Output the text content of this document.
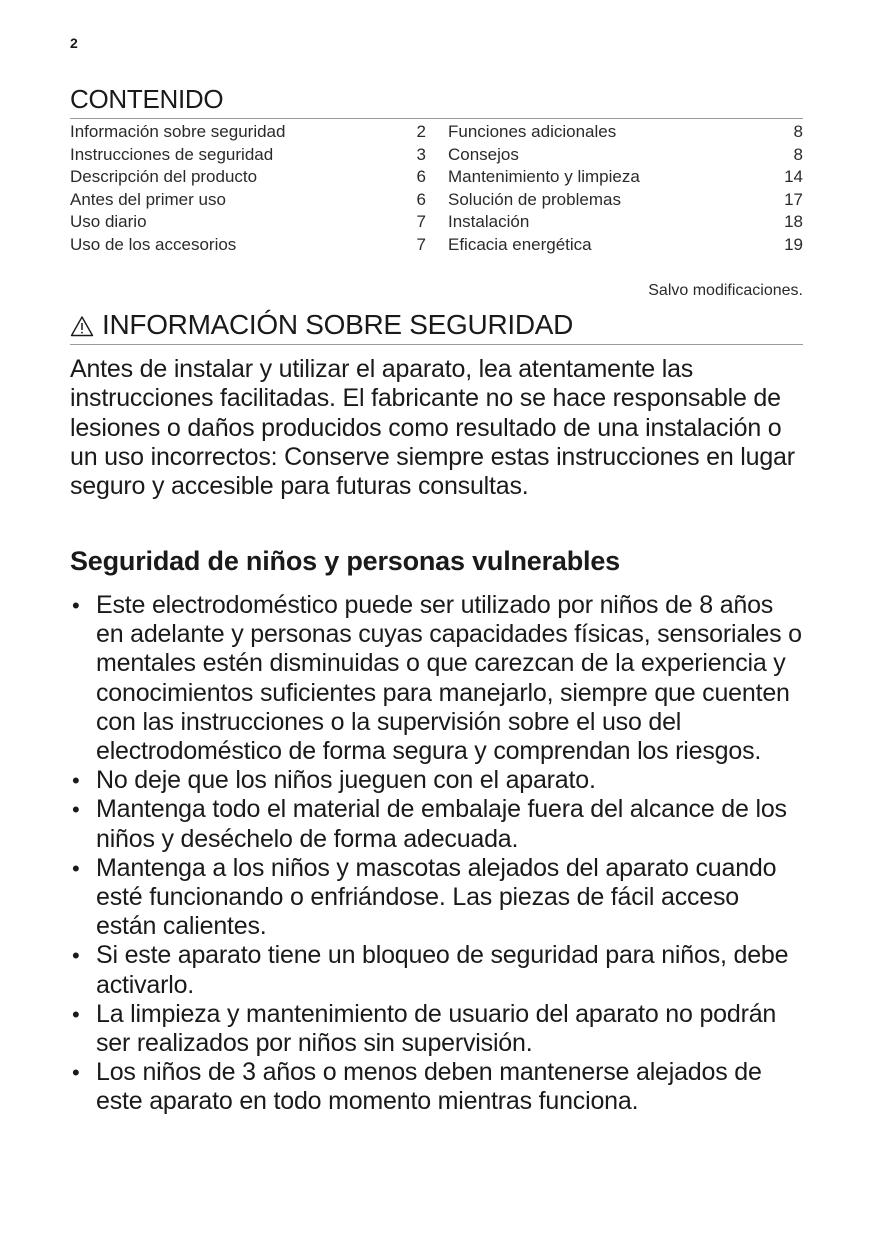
2
CONTENIDO
Información sobre seguridad	2
Instrucciones de seguridad	3
Descripción del producto	6
Antes del primer uso	6
Uso diario	7
Uso de los accesorios	7
Funciones adicionales	8
Consejos	8
Mantenimiento y limpieza	14
Solución de problemas	17
Instalación	18
Eficacia energética	19
Salvo modificaciones.
INFORMACIÓN SOBRE SEGURIDAD

Antes de instalar y utilizar el aparato, lea atentamente las instrucciones facilitadas. El fabricante no se hace responsable de lesiones o daños producidos como resultado de una instalación o un uso incorrectos: Conserve siempre estas instrucciones en lugar seguro y accesible para futuras consultas.

Seguridad de niños y personas vulnerables
• Este electrodoméstico puede ser utilizado por niños de 8 años en adelante y personas cuyas capacidades físicas, sensoriales o mentales estén disminuidas o que carezcan de la experiencia y conocimientos suficientes para manejarlo, siempre que cuenten con las instrucciones o la supervisión sobre el uso del electrodoméstico de forma segura y comprendan los riesgos.
• No deje que los niños jueguen con el aparato.
• Mantenga todo el material de embalaje fuera del alcance de los niños y deséchelo de forma adecuada.
• Mantenga a los niños y mascotas alejados del aparato cuando esté funcionando o enfriándose. Las piezas de fácil acceso están calientes.
• Si este aparato tiene un bloqueo de seguridad para niños, debe activarlo.
• La limpieza y mantenimiento de usuario del aparato no podrán ser realizados por niños sin supervisión.
• Los niños de 3 años o menos deben mantenerse alejados de este aparato en todo momento mientras funciona.
